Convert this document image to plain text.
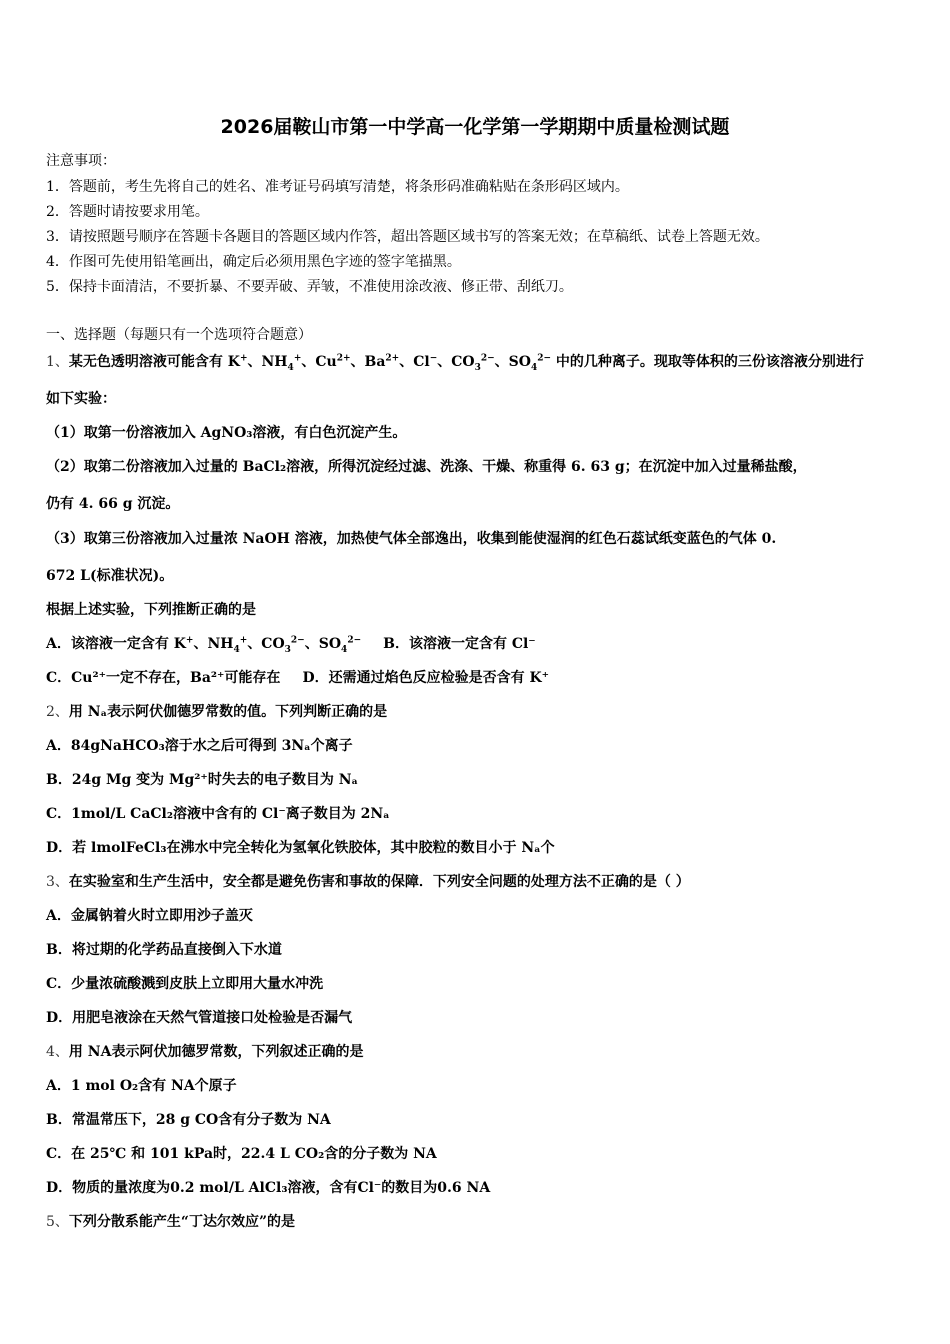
2026届鞍山市第一中学高一化学第一学期期中质量检测试题
注意事项：
1．答题前，考生先将自己的姓名、准考证号码填写清楚，将条形码准确粘贴在条形码区域内。
2．答题时请按要求用笔。
3．请按照题号顺序在答题卡各题目的答题区域内作答，超出答题区域书写的答案无效；在草稿纸、试卷上答题无效。
4．作图可先使用铅笔画出，确定后必须用黑色字迹的签字笔描黑。
5．保持卡面清洁，不要折暴、不要弄破、弄皱，不准使用涂改液、修正带、刮纸刀。
一、选择题（每题只有一个选项符合题意）
1、某无色透明溶液可能含有 K+、$NH_4^+$、$Cu^{2+}$、$Ba^{2+}$、Cl−、$CO_3^{2-}$、$SO_4^{2-}$ 中的几种离子。现取等体积的三份该溶液分别进行
如下实验：
（1）取第一份溶液加入 AgNO₃溶液，有白色沉淀产生。
（2）取第二份溶液加入过量的 BaCl₂溶液，所得沉淀经过滤、洗涤、干燥、称重得 6. 63 g；在沉淀中加入过量稀盐酸，
仍有 4. 66 g 沉淀。
（3）取第三份溶液加入过量浓 NaOH 溶液，加热使气体全部逸出，收集到能使湿润的红色石蕊试纸变蓝色的气体 0.
672 L(标准状况)。
根据上述实验，下列推断正确的是
A．该溶液一定含有 K+、$NH_4^+$、$CO_3^{2-}$、$SO_4^{2-}$ B．该溶液一定含有 Cl⁻
C．Cu²⁺一定不存在，Ba²⁺可能存在 D．还需通过焰色反应检验是否含有 K⁺
2、用 Nₐ表示阿伏伽德罗常数的值。下列判断正确的是
A．84gNaHCO₃溶于水之后可得到 3Nₐ个离子
B．24g Mg 变为 Mg²⁺时失去的电子数目为 Nₐ
C．1mol/L CaCl₂溶液中含有的 Cl⁻离子数目为 2Nₐ
D．若 lmolFeCl₃在沸水中完全转化为氢氧化铁胶体，其中胶粒的数目小于 Nₐ个
3、在实验室和生产生活中，安全都是避免伤害和事故的保障．下列安全问题的处理方法不正确的是（ ）
A．金属钠着火时立即用沙子盖灭
B．将过期的化学药品直接倒入下水道
C．少量浓硫酸溅到皮肤上立即用大量水冲洗
D．用肥皂液涂在天然气管道接口处检验是否漏气
4、用 NA表示阿伏加德罗常数，下列叙述正确的是
A．1 mol O₂含有 NA个原子
B．常温常压下，28 g CO含有分子数为 NA
C．在 25℃ 和 101 kPa时，22.4 L CO₂含的分子数为 NA
D．物质的量浓度为0.2 mol/L AlCl₃溶液，含有Cl⁻的数目为0.6 NA
5、下列分散系能产生“丁达尔效应”的是
